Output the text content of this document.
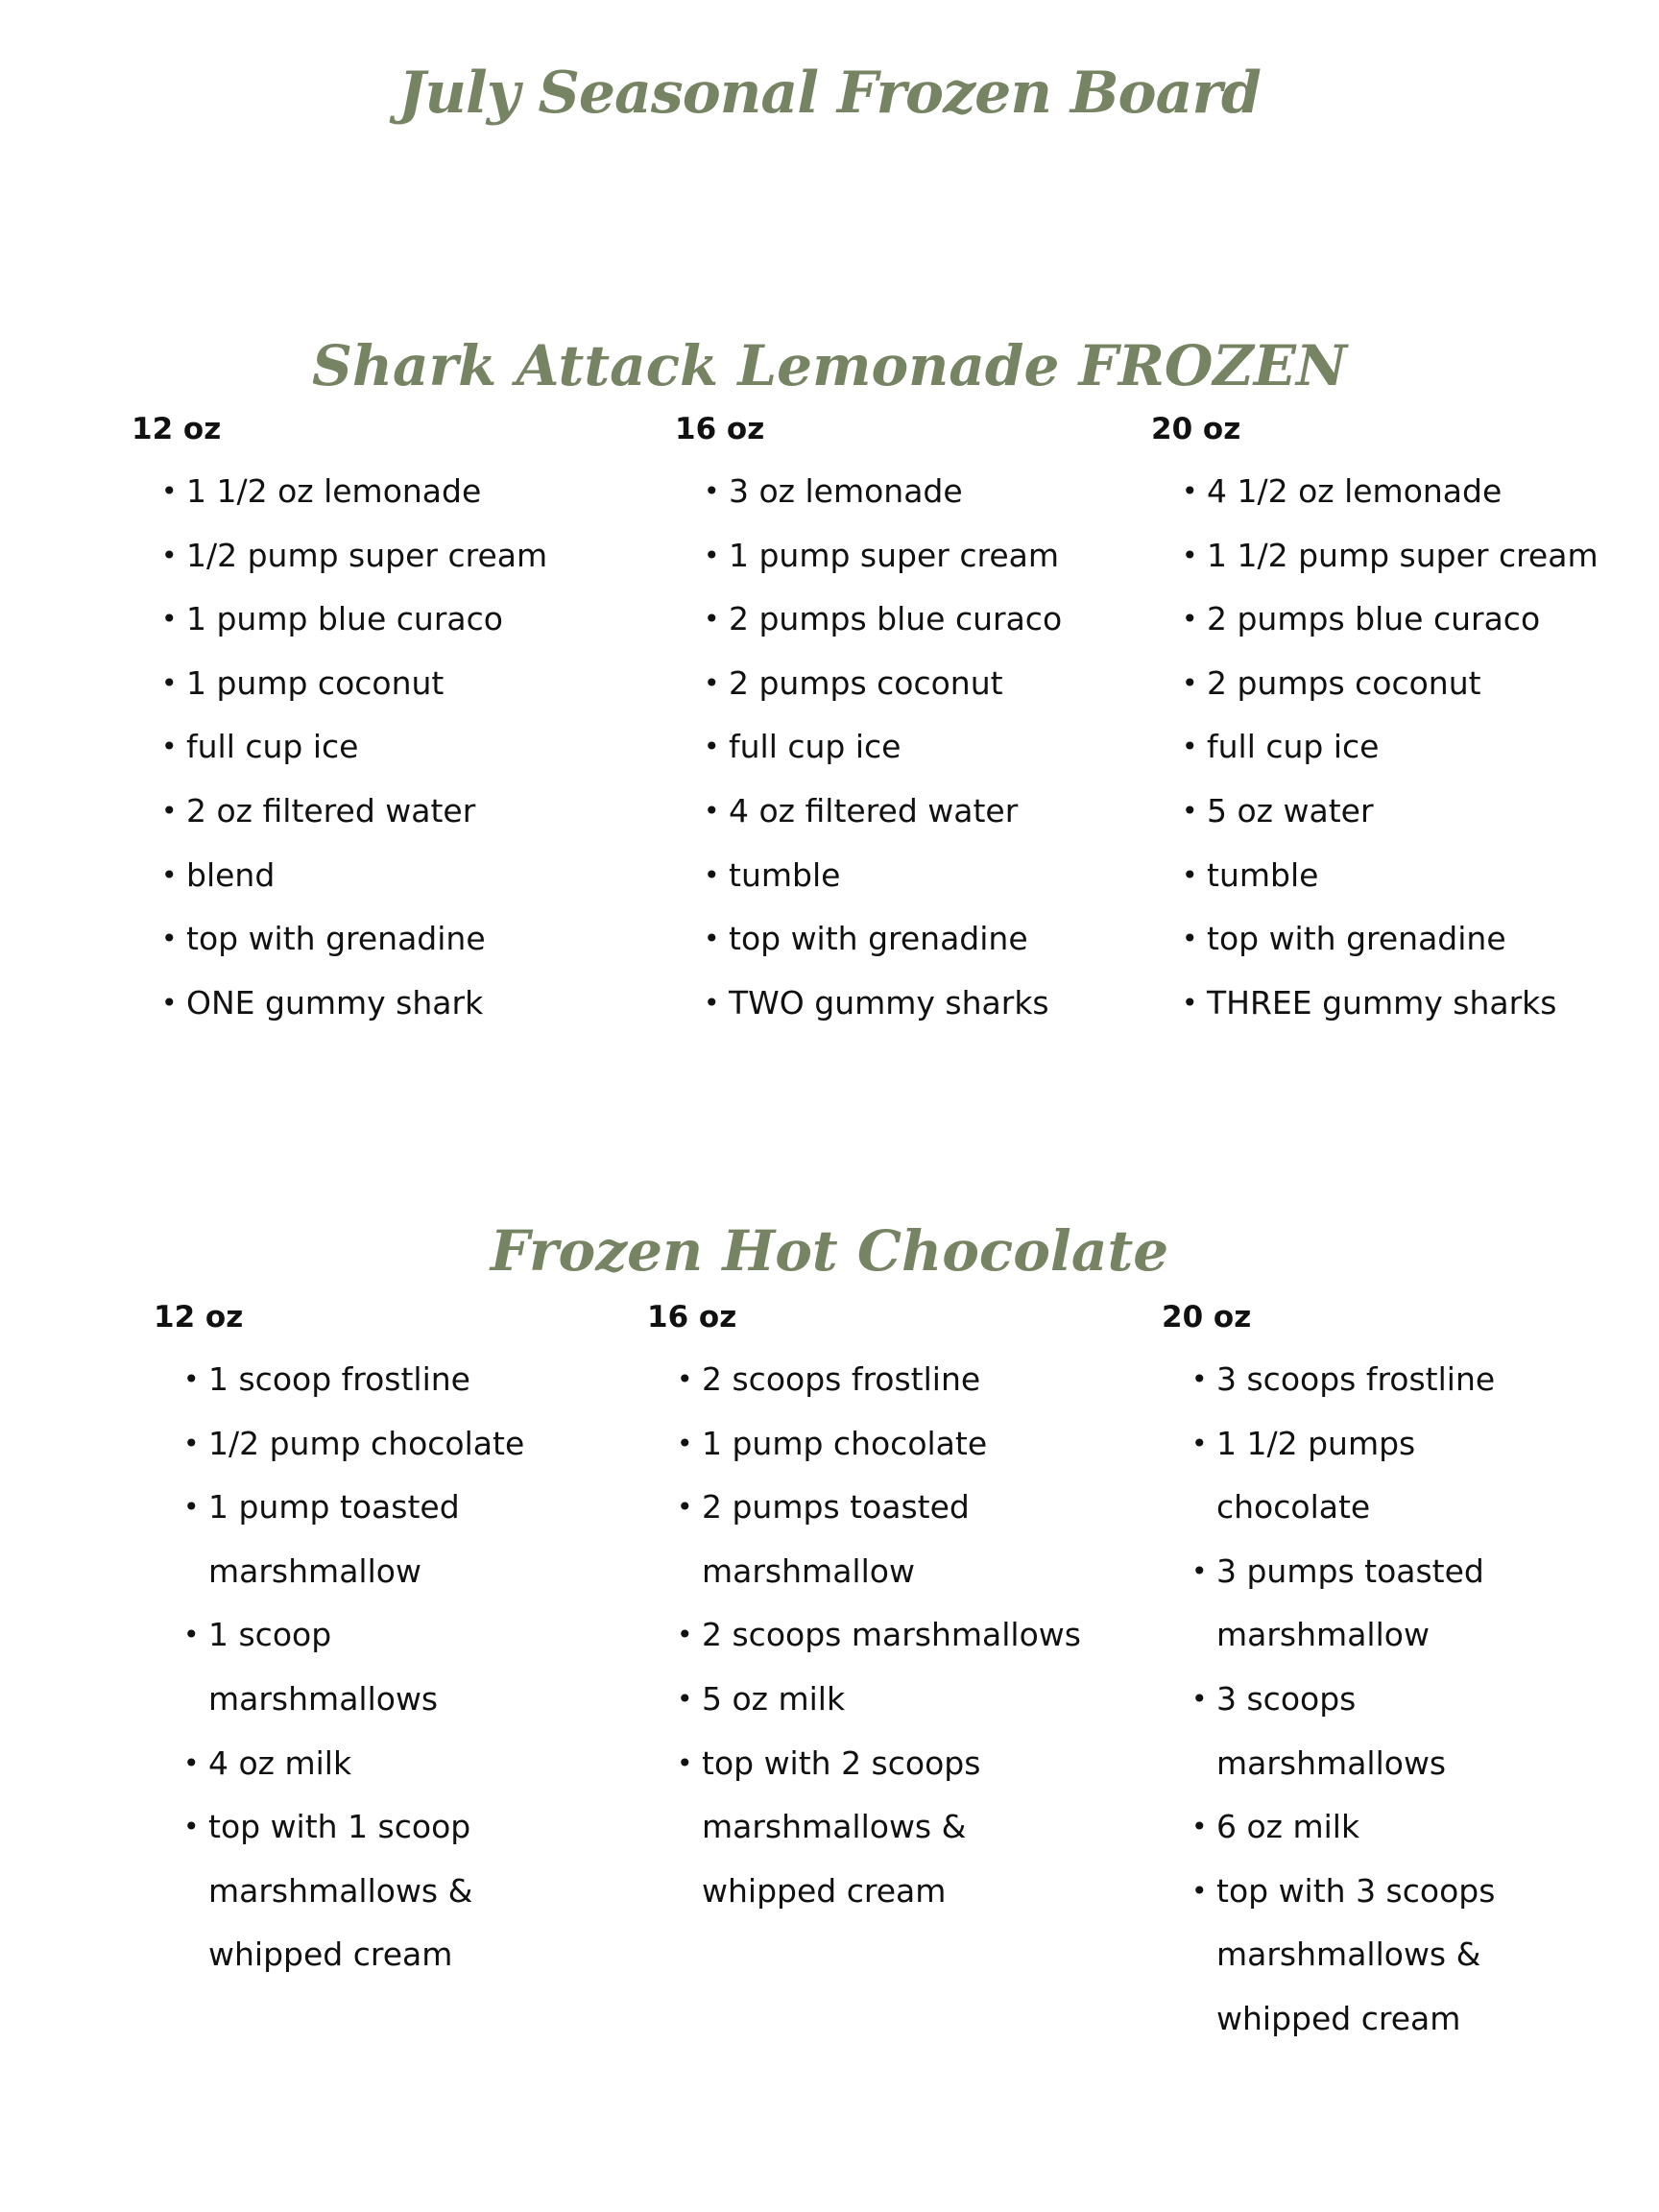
July Seasonal Frozen Board
Shark Attack Lemonade FROZEN
12 oz
• 1 1/2 oz lemonade
• 1/2 pump super cream
• 1 pump blue curaco
• 1 pump coconut
• full cup ice
• 2 oz filtered water
• blend
• top with grenadine
• ONE gummy shark
16 oz
• 3 oz lemonade
• 1 pump super cream
• 2 pumps blue curaco
• 2 pumps coconut
• full cup ice
• 4 oz filtered water
• tumble
• top with grenadine
• TWO gummy sharks
20 oz
• 4 1/2 oz lemonade
• 1 1/2 pump super cream
• 2 pumps blue curaco
• 2 pumps coconut
• full cup ice
• 5 oz water
• tumble
• top with grenadine
• THREE gummy sharks
Frozen Hot Chocolate
12 oz
• 1 scoop frostline
• 1/2 pump chocolate
• 1 pump toasted
marshmallow
• 1 scoop
marshmallows
• 4 oz milk
• top with 1 scoop
marshmallows &
whipped cream
16 oz
• 2 scoops frostline
• 1 pump chocolate
• 2 pumps toasted
marshmallow
• 2 scoops marshmallows
• 5 oz milk
• top with 2 scoops
marshmallows &
whipped cream
20 oz
• 3 scoops frostline
• 1 1/2 pumps
chocolate
• 3 pumps toasted
marshmallow
• 3 scoops
marshmallows
• 6 oz milk
• top with 3 scoops
marshmallows &
whipped cream
